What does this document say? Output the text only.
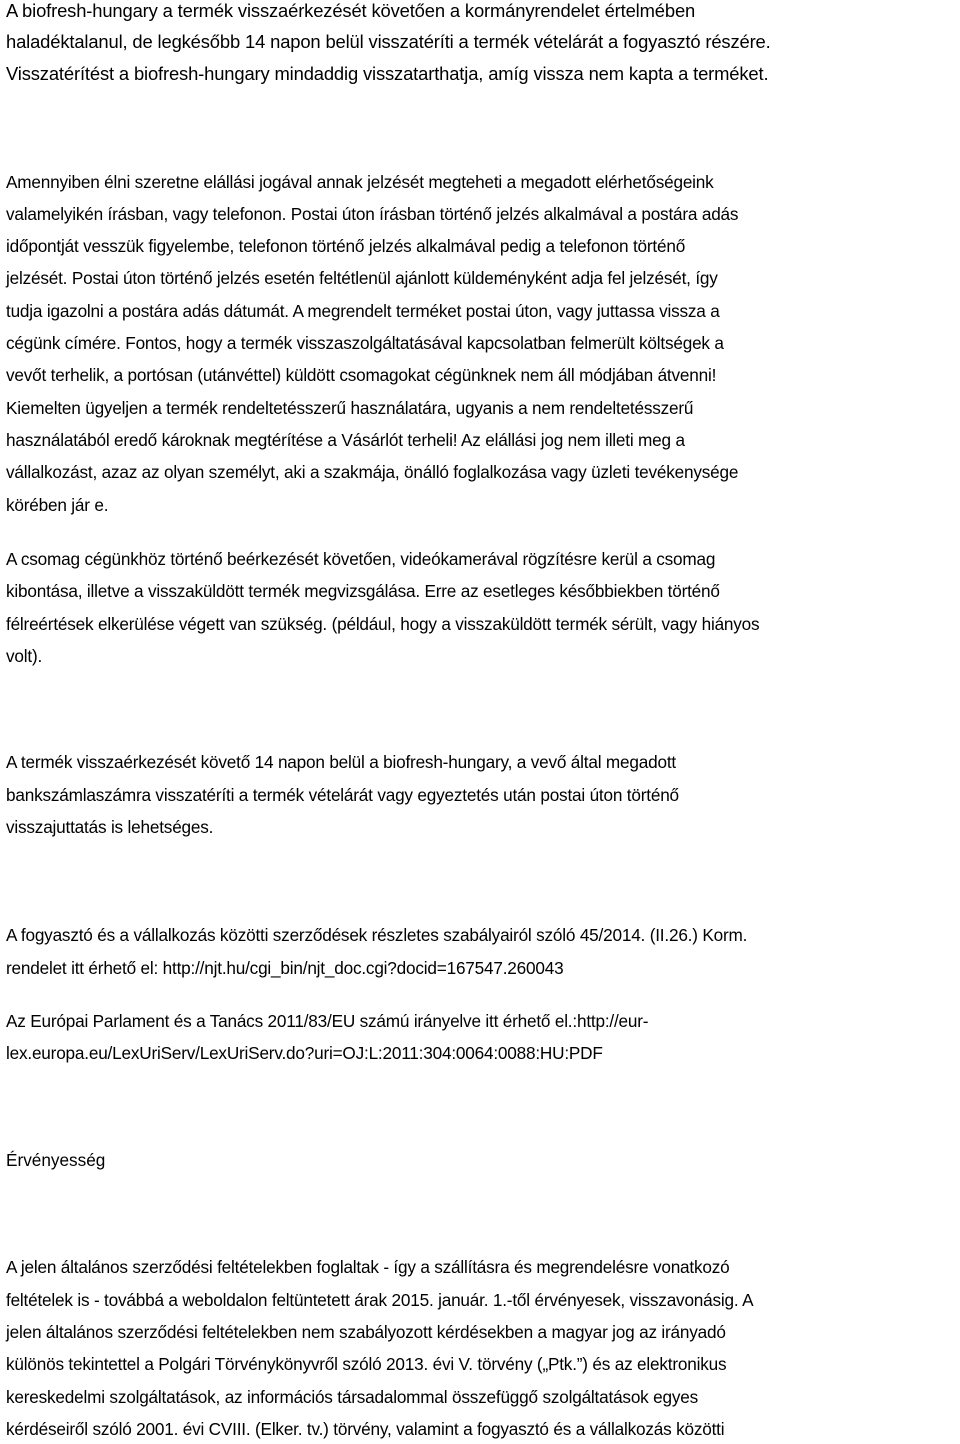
A biofresh-hungary a termék visszaérkezését követően a kormányrendelet értelmében
haladéktalanul, de legkésőbb 14 napon belül visszatéríti a termék vételárát a fogyasztó részére.
Visszatérítést a biofresh-hungary mindaddig visszatarthatja, amíg vissza nem kapta a terméket.
Amennyiben élni szeretne elállási jogával annak jelzését megteheti a megadott elérhetőségeink
valamelyikén írásban, vagy telefonon. Postai úton írásban történő jelzés alkalmával a postára adás
időpontját vesszük figyelembe, telefonon történő jelzés alkalmával pedig a telefonon történő
jelzését. Postai úton történő jelzés esetén feltétlenül ajánlott küldeményként adja fel jelzését, így
tudja igazolni a postára adás dátumát. A megrendelt terméket postai úton, vagy juttassa vissza a
cégünk címére. Fontos, hogy a termék visszaszolgáltatásával kapcsolatban felmerült költségek a
vevőt terhelik, a portósan (utánvéttel) küldött csomagokat cégünknek nem áll módjában átvenni!
Kiemelten ügyeljen a termék rendeltetésszerű használatára, ugyanis a nem rendeltetésszerű
használatából eredő károknak megtérítése a Vásárlót terheli! Az elállási jog nem illeti meg a
vállalkozást, azaz az olyan személyt, aki a szakmája, önálló foglalkozása vagy üzleti tevékenysége
körében jár e.
A csomag cégünkhöz történő beérkezését követően, videókamerával rögzítésre kerül a csomag
kibontása, illetve a visszaküldött termék megvizsgálása. Erre az esetleges későbbiekben történő
félreértések elkerülése végett van szükség. (például, hogy a visszaküldött termék sérült, vagy hiányos
volt).
A termék visszaérkezését követő 14 napon belül a biofresh-hungary, a vevő által megadott
bankszámlaszámra visszatéríti a termék vételárát vagy egyeztetés után postai úton történő
visszajuttatás is lehetséges.
A fogyasztó és a vállalkozás közötti szerződések részletes szabályairól szóló 45/2014. (II.26.) Korm.
rendelet itt érhető el: http://njt.hu/cgi_bin/njt_doc.cgi?docid=167547.260043
Az Európai Parlament és a Tanács 2011/83/EU számú irányelve itt érhető el.:http://eur-
lex.europa.eu/LexUriServ/LexUriServ.do?uri=OJ:L:2011:304:0064:0088:HU:PDF
Érvényesség
A jelen általános szerződési feltételekben foglaltak - így a szállításra és megrendelésre vonatkozó
feltételek is - továbbá a weboldalon feltüntetett árak 2015. január. 1.-től érvényesek, visszavonásig. A
jelen általános szerződési feltételekben nem szabályozott kérdésekben a magyar jog az irányadó
különös tekintettel a Polgári Törvénykönyvről szóló 2013. évi V. törvény („Ptk.”) és az elektronikus
kereskedelmi szolgáltatások, az információs társadalommal összefüggő szolgáltatások egyes
kérdéseiről szóló 2001. évi CVIII. (Elker. tv.) törvény, valamint a fogyasztó és a vállalkozás közötti
